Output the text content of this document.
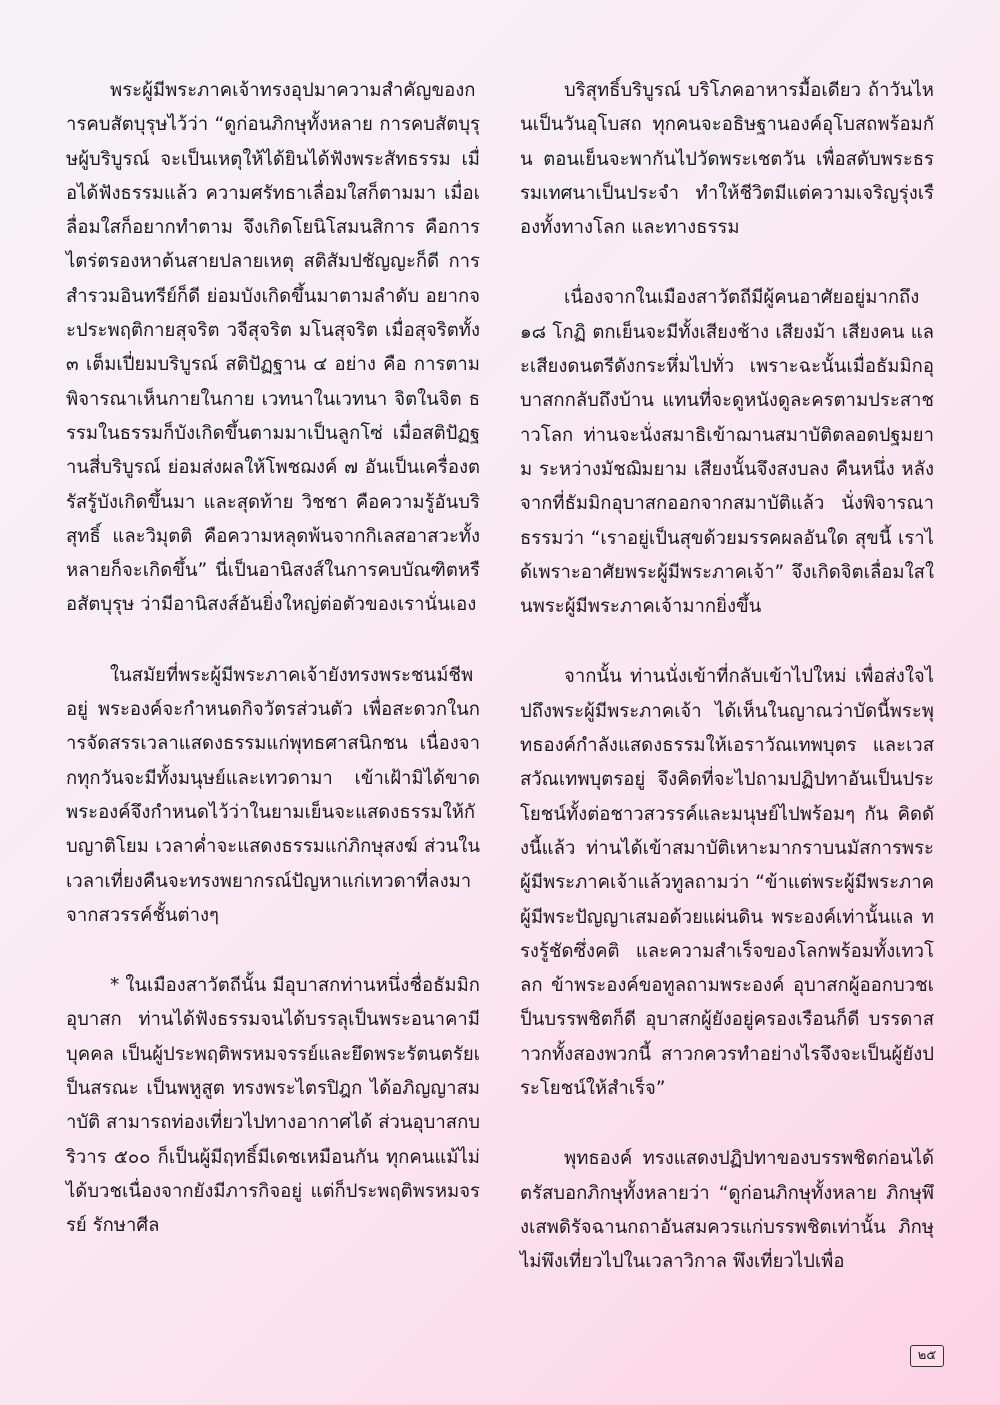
พระผู้มีพระภาคเจ้าทรงอุปมาความสำคัญของการคบสัตบุรุษไว้ว่า “ดูก่อนภิกษุทั้งหลาย การคบสัตบุรุษผู้บริบูรณ์ จะเป็นเหตุให้ได้ยินได้ฟังพระสัทธรรม เมื่อได้ฟังธรรมแล้ว ความศรัทธาเลื่อมใสก็ตามมา เมื่อเลื่อมใสก็อยากทำตาม จึงเกิดโยนิโสมนสิการ คือการไตร่ตรองหาต้นสายปลายเหตุ สติสัมปชัญญะก็ดี การสำรวมอินทรีย์ก็ดี ย่อมบังเกิดขึ้นมาตามลำดับ อยากจะประพฤติกายสุจริต วจีสุจริต มโนสุจริต เมื่อสุจริตทั้ง ๓ เต็มเปี่ยมบริบูรณ์ สติปัฏฐาน ๔ อย่าง คือ การตามพิจารณาเห็นกายในกาย เวทนาในเวทนา จิตในจิต ธรรมในธรรมก็บังเกิดขึ้นตามมาเป็นลูกโซ่ เมื่อสติปัฏฐานสี่บริบูรณ์ ย่อมส่งผลให้โพชฌงค์ ๗ อันเป็นเครื่องตรัสรู้บังเกิดขึ้นมา และสุดท้าย วิชชา คือความรู้อันบริสุทธิ์ และวิมุตติ คือความหลุดพ้นจากกิเลสอาสวะทั้งหลายก็จะเกิดขึ้น” นี่เป็นอานิสงส์ในการคบบัณฑิตหรือสัตบุรุษ ว่ามีอานิสงส์อันยิ่งใหญ่ต่อตัวของเรานั่นเอง

ในสมัยที่พระผู้มีพระภาคเจ้ายังทรงพระชนม์ชีพอยู่ พระองค์จะกำหนดกิจวัตรส่วนตัว เพื่อสะดวกในการจัดสรรเวลาแสดงธรรมแก่พุทธศาสนิกชน เนื่องจากทุกวันจะมีทั้งมนุษย์และเทวดามา เข้าเฝ้ามิได้ขาด พระองค์จึงกำหนดไว้ว่าในยามเย็นจะแสดงธรรมให้กับญาติโยม เวลาค่ำจะแสดงธรรมแก่ภิกษุสงฆ์ ส่วนในเวลาเที่ยงคืนจะทรงพยากรณ์ปัญหาแก่เทวดาที่ลงมาจากสวรรค์ชั้นต่างๆ

* ในเมืองสาวัตถีนั้น มีอุบาสกท่านหนึ่งชื่อธัมมิกอุบาสก ท่านได้ฟังธรรมจนได้บรรลุเป็นพระอนาคามีบุคคล เป็นผู้ประพฤติพรหมจรรย์และยึดพระรัตนตรัยเป็นสรณะ เป็นพหูสูต ทรงพระไตรปิฎก ได้อภิญญาสมาบัติ สามารถท่องเที่ยวไปทางอากาศได้ ส่วนอุบาสกบริวาร ๕๐๐ ก็เป็นผู้มีฤทธิ์มีเดชเหมือนกัน ทุกคนแม้ไม่ได้บวชเนื่องจากยังมีภารกิจอยู่ แต่ก็ประพฤติพรหมจรรย์ รักษาศีล

บริสุทธิ์บริบูรณ์ บริโภคอาหารมื้อเดียว ถ้าวันไหนเป็นวันอุโบสถ ทุกคนจะอธิษฐานองค์อุโบสถพร้อมกัน ตอนเย็นจะพากันไปวัดพระเชตวัน เพื่อสดับพระธรรมเทศนาเป็นประจำ ทำให้ชีวิตมีแต่ความเจริญรุ่งเรืองทั้งทางโลก และทางธรรม

เนื่องจากในเมืองสาวัตถีมีผู้คนอาศัยอยู่มากถึง ๑๘ โกฏิ ตกเย็นจะมีทั้งเสียงช้าง เสียงม้า เสียงคน และเสียงดนตรีดังกระหึ่มไปทั่ว เพราะฉะนั้นเมื่อธัมมิกอุบาสกกลับถึงบ้าน แทนที่จะดูหนังดูละครตามประสาชาวโลก ท่านจะนั่งสมาธิเข้าฌานสมาบัติตลอดปฐมยาม ระหว่างมัชฌิมยาม เสียงนั้นจึงสงบลง คืนหนึ่ง หลังจากที่ธัมมิกอุบาสกออกจากสมาบัติแล้ว นั่งพิจารณาธรรมว่า “เราอยู่เป็นสุขด้วยมรรคผลอันใด สุขนี้ เราได้เพราะอาศัยพระผู้มีพระภาคเจ้า” จึงเกิดจิตเลื่อมใสในพระผู้มีพระภาคเจ้ามากยิ่งขึ้น

จากนั้น ท่านนั่งเข้าที่กลับเข้าไปใหม่ เพื่อส่งใจไปถึงพระผู้มีพระภาคเจ้า ได้เห็นในญาณว่าบัดนี้พระพุทธองค์กำลังแสดงธรรมให้เอราวัณเทพบุตร และเวสสวัณเทพบุตรอยู่ จึงคิดที่จะไปถามปฏิปทาอันเป็นประโยชน์ทั้งต่อชาวสวรรค์และมนุษย์ไปพร้อมๆ กัน คิดดังนี้แล้ว ท่านได้เข้าสมาบัติเหาะมากราบนมัสการพระผู้มีพระภาคเจ้าแล้วทูลถามว่า “ข้าแต่พระผู้มีพระภาคผู้มีพระปัญญาเสมอด้วยแผ่นดิน พระองค์เท่านั้นแล ทรงรู้ชัดซึ่งคติ และความสำเร็จของโลกพร้อมทั้งเทวโลก ข้าพระองค์ขอทูลถามพระองค์ อุบาสกผู้ออกบวชเป็นบรรพชิตก็ดี อุบาสกผู้ยังอยู่ครองเรือนก็ดี บรรดาสาวกทั้งสองพวกนี้ สาวกควรทำอย่างไรจึงจะเป็นผู้ยังประโยชน์ให้สำเร็จ”

พุทธองค์ ทรงแสดงปฏิปทาของบรรพชิตก่อนได้ตรัสบอกภิกษุทั้งหลายว่า “ดูก่อนภิกษุทั้งหลาย ภิกษุพึงเสพดิรัจฉานกถาอันสมควรแก่บรรพชิตเท่านั้น ภิกษุไม่พึงเที่ยวไปในเวลาวิกาล พึงเที่ยวไปเพื่อ

๒๕
